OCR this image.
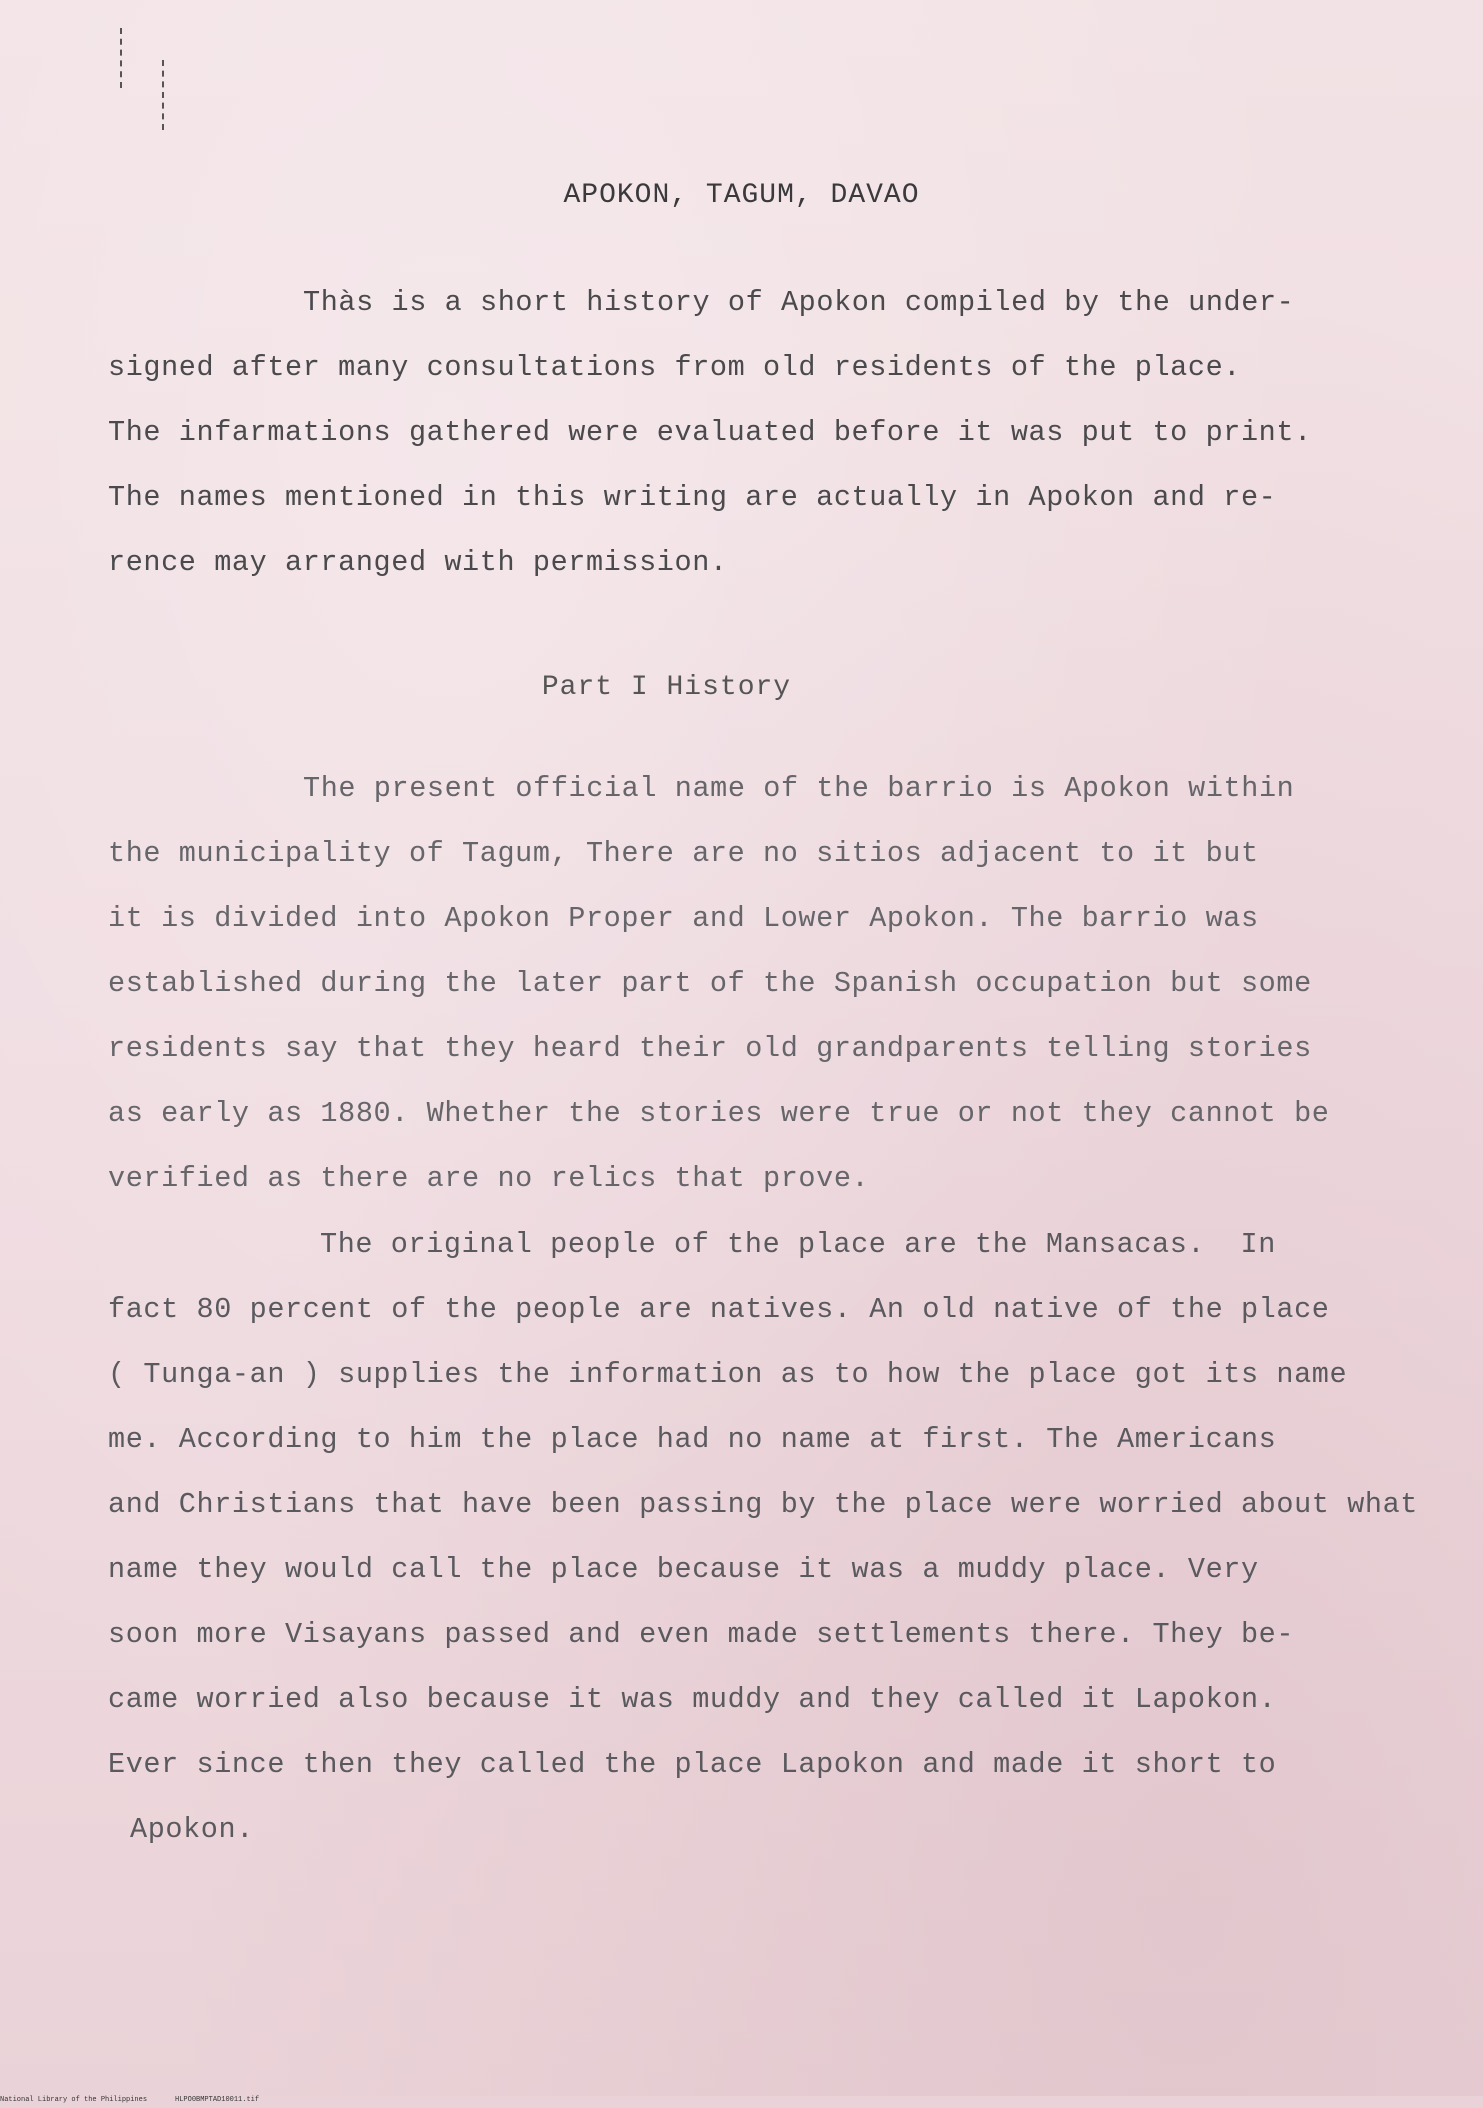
APOKON, TAGUM, DAVAO
Thàs is a short history of Apokon compiled by the under-
signed after many consultations from old residents of the place.
The infarmations gathered were evaluated before it was put to print.
The names mentioned in this writing are actually in Apokon and re-
rence may arranged with permission.
Part I History
The present official name of the barrio is Apokon within
the municipality of Tagum, There are no sitios adjacent to it but
it is divided into Apokon Proper and Lower Apokon. The barrio was
established during the later part of the Spanish occupation but some
residents say that they heard their old grandparents telling stories
as early as 1880. Whether the stories were true or not they cannot be
verified as there are no relics that prove.
The original people of the place are the Mansacas.  In
fact 80 percent of the people are natives. An old native of the place
( Tunga-an ) supplies the information as to how the place got its name
me. According to him the place had no name at first. The Americans
and Christians that have been passing by the place were worried about what
name they would call the place because it was a muddy place. Very
soon more Visayans passed and even made settlements there. They be-
came worried also because it was muddy and they called it Lapokon.
Ever since then they called the place Lapokon and made it short to
Apokon.
National Library of the Philippines	HLPO0BMPTAD10011.tif
